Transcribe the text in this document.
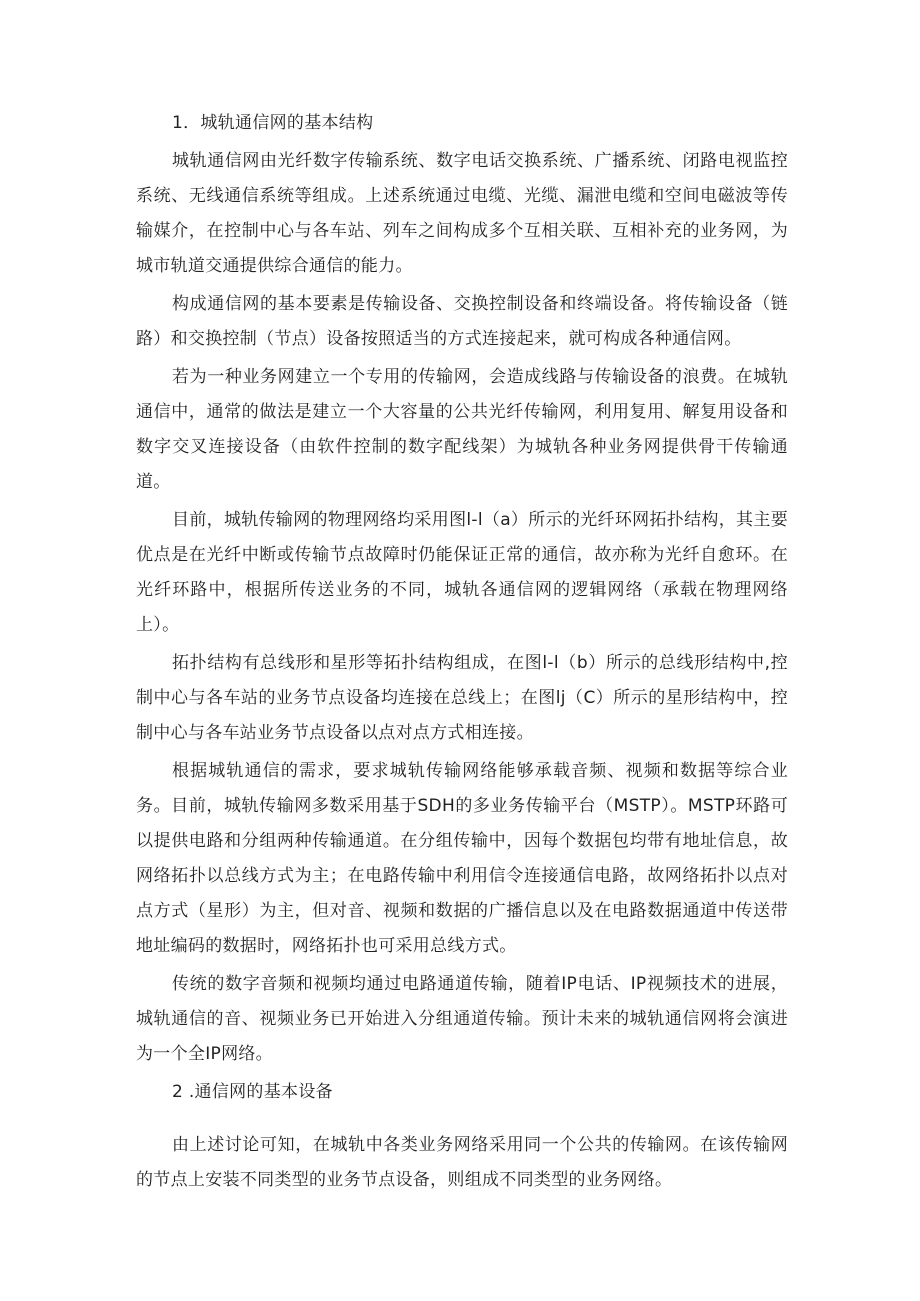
1．城轨通信网的基本结构

城轨通信网由光纤数字传输系统、数字电话交换系统、广播系统、闭路电视监控系统、无线通信系统等组成。上述系统通过电缆、光缆、漏泄电缆和空间电磁波等传输媒介，在控制中心与各车站、列车之间构成多个互相关联、互相补充的业务网，为城市轨道交通提供综合通信的能力。

构成通信网的基本要素是传输设备、交换控制设备和终端设备。将传输设备（链路）和交换控制（节点）设备按照适当的方式连接起来，就可构成各种通信网。

若为一种业务网建立一个专用的传输网，会造成线路与传输设备的浪费。在城轨通信中，通常的做法是建立一个大容量的公共光纤传输网，利用复用、解复用设备和数字交叉连接设备（由软件控制的数字配线架）为城轨各种业务网提供骨干传输通道。

目前，城轨传输网的物理网络均采用图l-l（a）所示的光纤环网拓扑结构，其主要优点是在光纤中断或传输节点故障时仍能保证正常的通信，故亦称为光纤自愈环。在光纤环路中，根据所传送业务的不同，城轨各通信网的逻辑网络（承载在物理网络上）。

拓扑结构有总线形和星形等拓扑结构组成，在图l-l（b）所示的总线形结构中,控制中心与各车站的业务节点设备均连接在总线上；在图lj（C）所示的星形结构中，控制中心与各车站业务节点设备以点对点方式相连接。

根据城轨通信的需求，要求城轨传输网络能够承载音频、视频和数据等综合业务。目前，城轨传输网多数采用基于SDH的多业务传输平台（MSTP）。MSTP环路可以提供电路和分组两种传输通道。在分组传输中，因每个数据包均带有地址信息，故网络拓扑以总线方式为主；在电路传输中利用信令连接通信电路，故网络拓扑以点对点方式（星形）为主，但对音、视频和数据的广播信息以及在电路数据通道中传送带地址编码的数据时，网络拓扑也可采用总线方式。

传统的数字音频和视频均通过电路通道传输，随着IP电话、IP视频技术的进展，城轨通信的音、视频业务已开始进入分组通道传输。预计未来的城轨通信网将会演进为一个全IP网络。

2 .通信网的基本设备

由上述讨论可知，在城轨中各类业务网络采用同一个公共的传输网。在该传输网的节点上安装不同类型的业务节点设备，则组成不同类型的业务网络。
